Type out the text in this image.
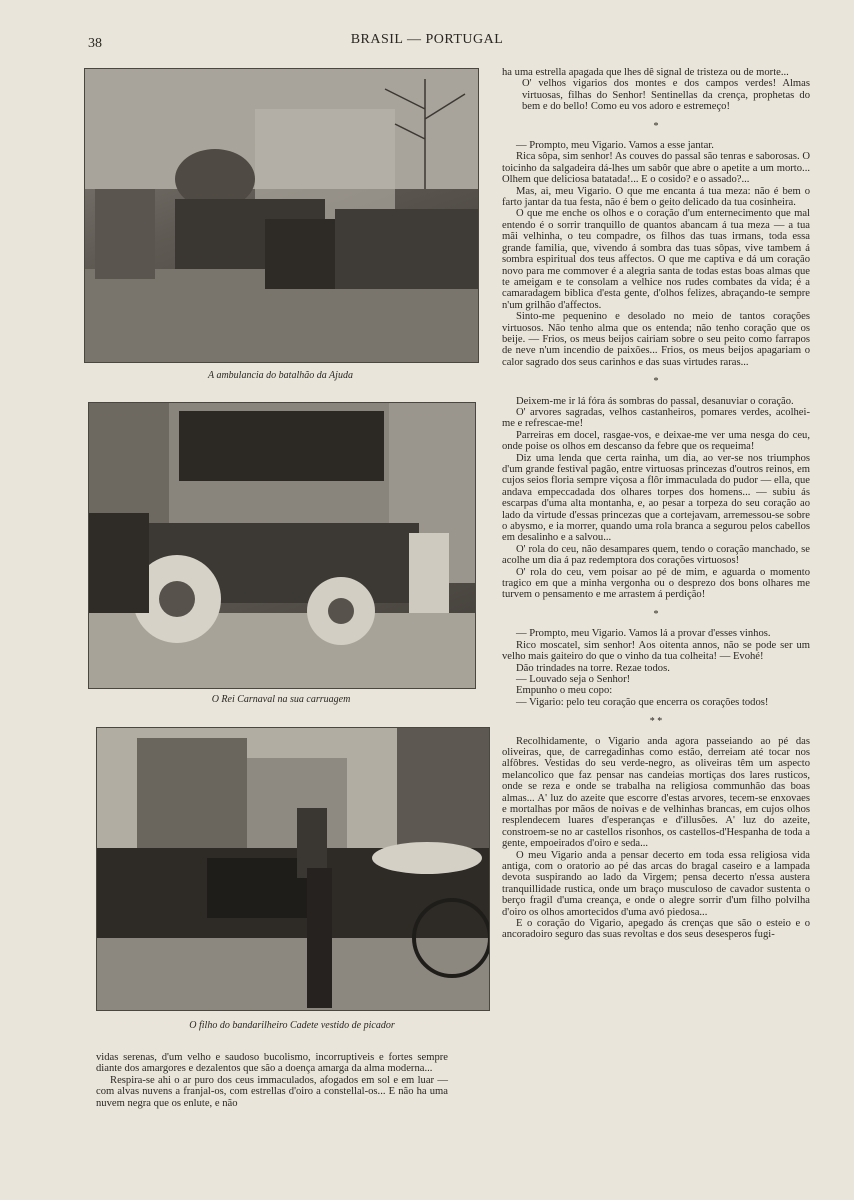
38	BRASIL — PORTUGAL
A ambulancia do batalhão da Ajuda
O Rei Carnaval na sua carruagem
O filho do bandarilheiro Cadete vestido de picador

vidas serenas, d'um velho e saudoso bucolismo, incorruptiveis e fortes sempre diante dos amargores e dezalentos que são a doença amarga da alma moderna...

Respira-se ahi o ar puro dos ceus immaculados, afogados em sol e em luar — com alvas nuvens a franjal-os, com estrellas d'oiro a constellal-os... E não ha uma nuvem negra que os enlute, e não

ha uma estrella apagada que lhes dê signal de tristeza ou de morte...

O' velhos vigarios dos montes e dos campos verdes! Almas virtuosas, filhas do Senhor! Sentinellas da crença, prophetas do bem e do bello! Como eu vos adoro e estremeço!

*

— Prompto, meu Vigario. Vamos a esse jantar.

Rica sôpa, sim senhor! As couves do passal são tenras e saborosas. O toicinho da salgadeira dá-lhes um sabôr que abre o apetite a um morto... Olhem que deliciosa batatada!... E o cosido? e o assado?...

Mas, ai, meu Vigario. O que me encanta á tua meza: não é bem o farto jantar da tua festa, não é bem o geito delicado da tua cosinheira.

O que me enche os olhos e o coração d'um enternecimento que mal entendo é o sorrir tranquillo de quantos abancam á tua meza — a tua mãi velhinha, o teu compadre, os filhos das tuas irmans, toda essa grande familia, que, vivendo á sombra das tuas sôpas, vive tambem á sombra espiritual dos teus affectos. O que me captiva e dá um coração novo para me commover é a alegria santa de todas estas boas almas que te ameigam e te consolam a velhice nos rudes combates da vida; é a camaradagem biblica d'esta gente, d'olhos felizes, abraçando-te sempre n'um grilhão d'affectos.

Sinto-me pequenino e desolado no meio de tantos corações virtuosos. Não tenho alma que os entenda; não tenho coração que os beije. — Frios, os meus beijos cairiam sobre o seu peito como farrapos de neve n'um incendio de paixões... Frios, os meus beijos apagariam o calor sagrado dos seus carinhos e das suas virtudes raras...

*

Deixem-me ir lá fóra ás sombras do passal, desanuviar o coração.

O' arvores sagradas, velhos castanheiros, pomares verdes, acolhei-me e refrescae-me!

Parreiras em docel, rasgae-vos, e deixae-me ver uma nesga do ceu, onde poise os olhos em descanso da febre que os requeima!

Diz uma lenda que certa rainha, um dia, ao ver-se nos triumphos d'um grande festival pagão, entre virtuosas princezas d'outros reinos, em cujos seios floria sempre viçosa a flôr immaculada do pudor — ella, que andava empeccadada dos olhares torpes dos homens... — subiu ás escarpas d'uma alta montanha, e, ao pesar a torpeza do seu coração ao lado da virtude d'essas princezas que a cortejavam, arremessou-se sobre o abysmo, e ia morrer, quando uma rola branca a segurou pelos cabellos em desalinho e a salvou...

O' rola do ceu, não desampares quem, tendo o coração manchado, se acolhe um dia á paz redemptora dos corações virtuosos!

O' rola do ceu, vem poisar ao pé de mim, e aguarda o momento tragico em que a minha vergonha ou o desprezo dos bons olhares me turvem o pensamento e me arrastem á perdição!

*

— Prompto, meu Vigario. Vamos lá a provar d'esses vinhos.

Rico moscatel, sim senhor! Aos oitenta annos, não se pode ser um velho mais gaiteiro do que o vinho da tua colheita! — Evohé!

Dão trindades na torre. Rezae todos.

— Louvado seja o Senhor!

Empunho o meu copo:

— Vigario: pelo teu coração que encerra os corações todos!

* *

Recolhidamente, o Vigario anda agora passeiando ao pé das oliveiras, que, de carregadinhas como estão, derreiam até tocar nos alfôbres. Vestidas do seu verde-negro, as oliveiras têm um aspecto melancolico que faz pensar nas candeias mortiças dos lares rusticos, onde se reza e onde se trabalha na religiosa communhão das boas almas... A' luz do azeite que escorre d'estas arvores, tecem-se enxovaes e mortalhas por mãos de noivas e de velhinhas brancas, em cujos olhos resplendecem luares d'esperanças e d'illusões. A' luz do azeite, constroem-se no ar castellos risonhos, os castellos-d'Hespanha de toda a gente, empoeirados d'oiro e seda...

O meu Vigario anda a pensar decerto em toda essa religiosa vida antiga, com o oratorio ao pé das arcas do bragal caseiro e a lampada devota suspirando ao lado da Virgem; pensa decerto n'essa austera tranquillidade rustica, onde um braço musculoso de cavador sustenta o berço fragil d'uma creança, e onde o alegre sorrir d'um filho polvilha d'oiro os olhos amortecidos d'uma avó piedosa...

E o coração do Vigario, apegado ás crenças que são o esteio e o ancoradoiro seguro das suas revoltas e dos seus desesperos fugi-
